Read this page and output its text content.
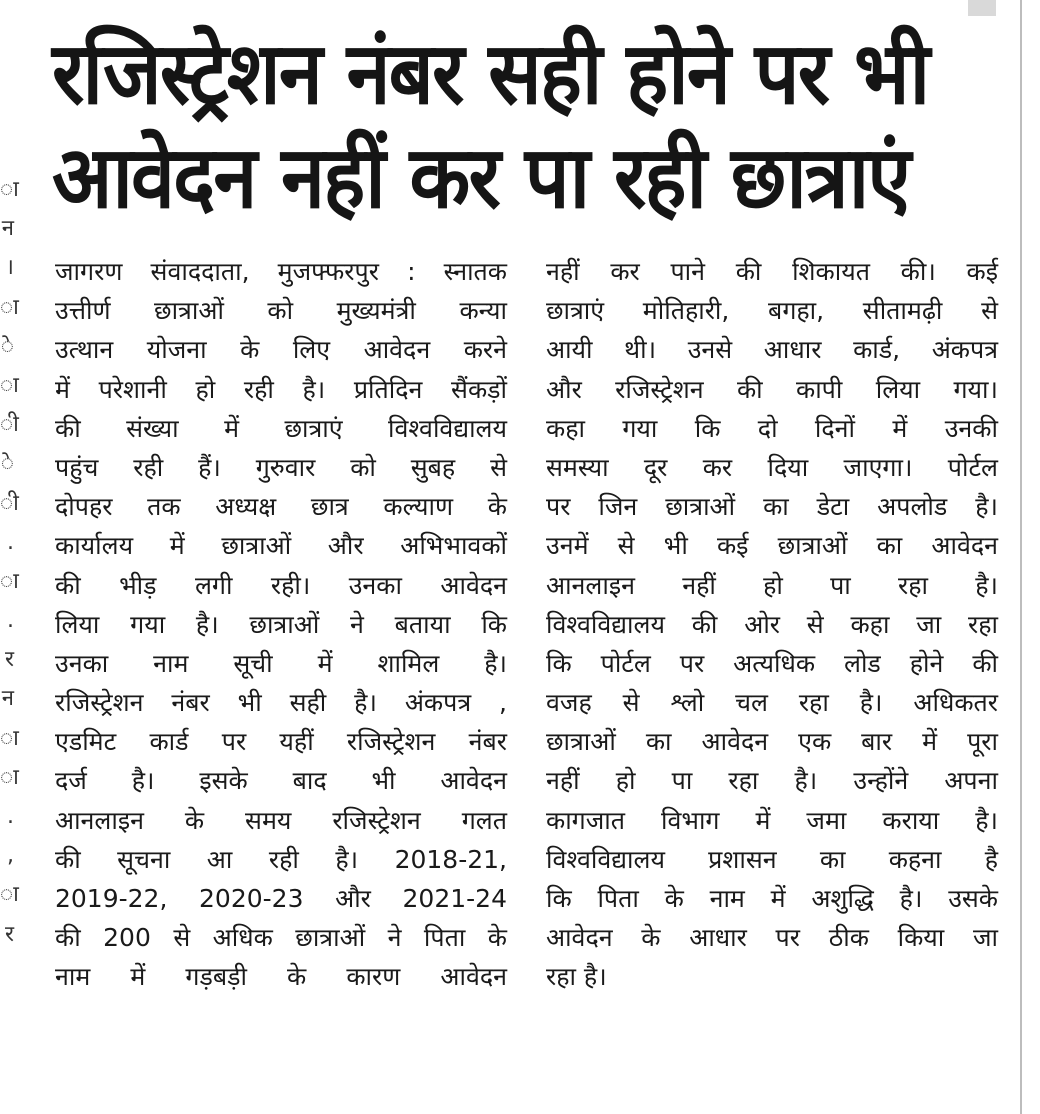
ा
न
।
ा
े
ा
ी
े
ी
.
ा
.
र
न
ा
ा
.
,
ा
र
रजिस्ट्रेशन नंबर सही होने पर भी
आवेदन नहीं कर पा रही छात्राएं
जागरण संवाददाता, मुजफ्फरपुर : स्नातक
उत्तीर्ण छात्राओं को मुख्यमंत्री कन्या
उत्थान योजना के लिए आवेदन करने
में परेशानी हो रही है। प्रतिदिन सैंकड़ों
की संख्या में छात्राएं विश्वविद्यालय
पहुंच रही हैं। गुरुवार को सुबह से
दोपहर तक अध्यक्ष छात्र कल्याण के
कार्यालय में छात्राओं और अभिभावकों
की भीड़ लगी रही। उनका आवेदन
लिया गया है। छात्राओं ने बताया कि
उनका नाम सूची में शामिल है।
रजिस्ट्रेशन नंबर भी सही है। अंकपत्र ,
एडमिट कार्ड पर यहीं रजिस्ट्रेशन नंबर
दर्ज है। इसके बाद भी आवेदन
आनलाइन के समय रजिस्ट्रेशन गलत
की सूचना आ रही है। 2018-21,
2019-22, 2020-23 और 2021-24
की 200 से अधिक छात्राओं ने पिता के
नाम में गड़बड़ी के कारण आवेदन
नहीं कर पाने की शिकायत की। कई
छात्राएं मोतिहारी, बगहा, सीतामढ़ी से
आयी थी। उनसे आधार कार्ड, अंकपत्र
और रजिस्ट्रेशन की कापी लिया गया।
कहा गया कि दो दिनों में उनकी
समस्या दूर कर दिया जाएगा। पोर्टल
पर जिन छात्राओं का डेटा अपलोड है।
उनमें से भी कई छात्राओं का आवेदन
आनलाइन नहीं हो पा रहा है।
विश्वविद्यालय की ओर से कहा जा रहा
कि पोर्टल पर अत्यधिक लोड होने की
वजह से श्लो चल रहा है। अधिकतर
छात्राओं का आवेदन एक बार में पूरा
नहीं हो पा रहा है। उन्होंने अपना
कागजात विभाग में जमा कराया है।
विश्वविद्यालय प्रशासन का कहना है
कि पिता के नाम में अशुद्धि है। उसके
आवेदन के आधार पर ठीक किया जा
रहा है।
